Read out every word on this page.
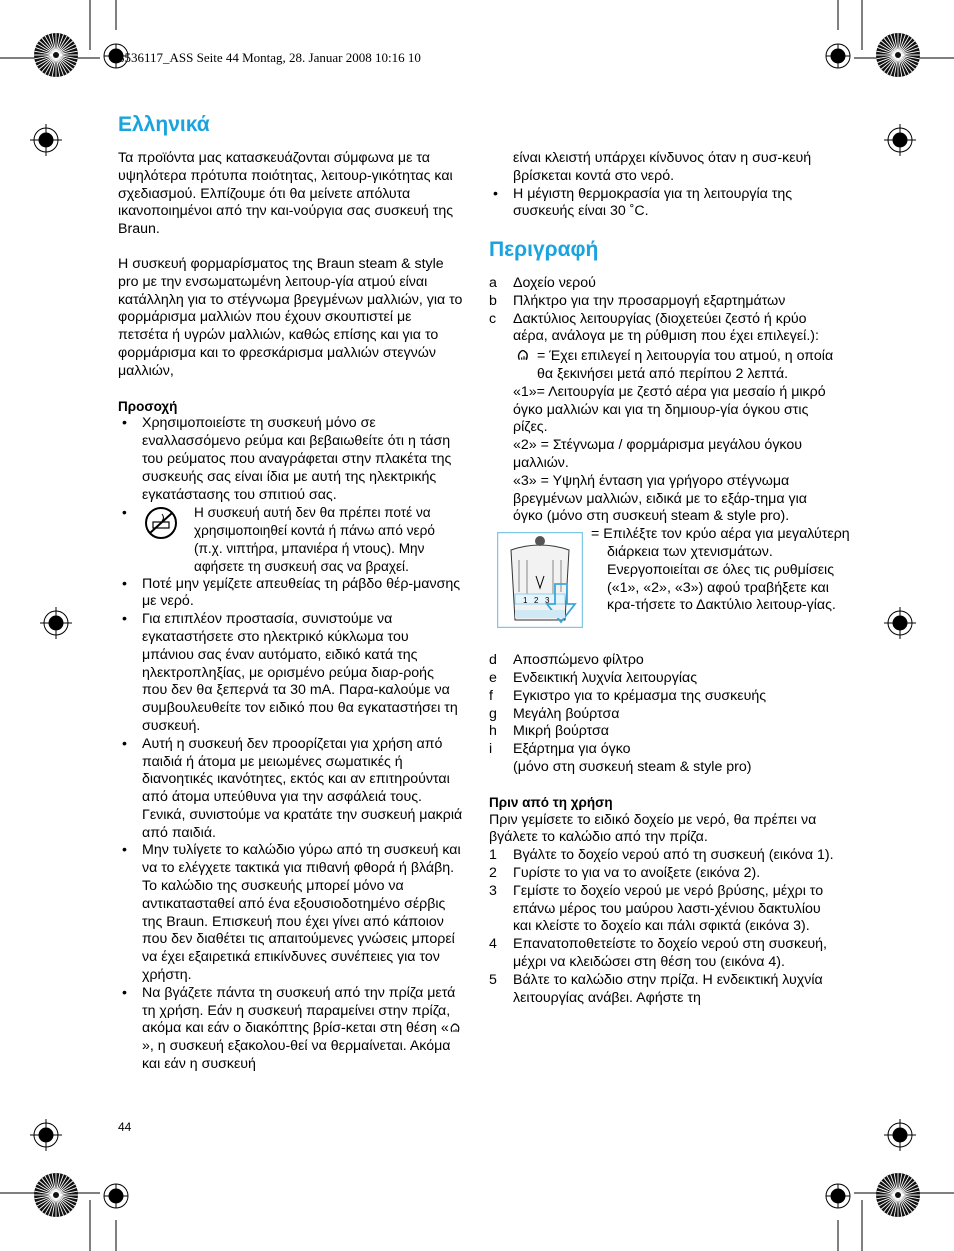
3536117_ASS Seite 44 Montag, 28. Januar 2008 10:16 10
Ελληνικά

Τα προϊόντα μας κατασκευάζονται σύμφωνα με τα υψηλότερα πρότυπα ποιότητας, λειτουρ-γικότητας και σχεδιασμού. Ελπίζουμε ότι θα μείνετε απόλυτα ικανοποιημένοι από την και-νούργια σας συσκευή της Braun.

Η συσκευή φορμαρίσματος της Braun steam & style pro με την ενσωματωμένη λειτουρ-γία ατμού είναι κατάλληλη για το στέγνωμα βρεγμένων μαλλιών, για το φορμάρισμα μαλλιών που έχουν σκουπιστεί με πετσέτα ή υγρών μαλλιών, καθώς επίσης και για το φορμάρισμα και το φρεσκάρισμα μαλλιών στεγνών μαλλιών,

Προσοχή
• Χρησιμοποιείστε τη συσκευή μόνο σε εναλλασσόμενο ρεύμα και βεβαιωθείτε ότι η τάση του ρεύματος που αναγράφεται στην πλακέτα της συσκευής σας είναι ίδια με αυτή της ηλεκτρικής εγκατάστασης του σπιτιού σας.
• Η συσκευή αυτή δεν θα πρέπει ποτέ να χρησιμοποιηθεί κοντά ή πάνω από νερό (π.χ. νιπτήρα, μπανιέρα ή ντους). Μην αφήσετε τη συσκευή σας να βραχεί.
• Ποτέ μην γεμίζετε απευθείας τη ράβδο θέρ-μανσης με νερό.
• Για επιπλέον προστασία, συνιστούμε να εγκαταστήσετε στο ηλεκτρικό κύκλωμα του μπάνιου σας έναν αυτόματο, ειδικό κατά της ηλεκτροπληξίας, με ορισμένο ρεύμα διαρ-ροής που δεν θα ξεπερνά τα 30 mA. Παρα-καλούμε να συμβουλευθείτε τον ειδικό που θα εγκαταστήσει τη συσκευή.
• Αυτή η συσκευή δεν προορίζεται για χρήση από παιδιά ή άτομα με μειωμένες σωματικές ή διανοητικές ικανότητες, εκτός και αν επιτηρούνται από άτομα υπεύθυνα για την ασφάλειά τους. Γενικά, συνιστούμε να κρατάτε την συσκευή μακριά από παιδιά.
• Μην τυλίγετε το καλώδιο γύρω από τη συσκευή και να το ελέγχετε τακτικά για πιθανή φθορά ή βλάβη. Το καλώδιο της συσκευής μπορεί μόνο να αντικατασταθεί από ένα εξουσιοδοτημένο σέρβις της Braun. Επισκευή που έχει γίνει από κάποιον που δεν διαθέτει τις απαιτούμενες γνώσεις μπορεί να έχει εξαιρετικά επικίνδυνες συνέπειες για τον χρήστη.
• Να βγάζετε πάντα τη συσκευή από την πρίζα μετά τη χρήση. Εάν η συσκευή παραμείνει στην πρίζα, ακόμα και εάν ο διακόπτης βρίσ-κεται στη θέση «», η συσκευή εξακολου-θεί να θερμαίνεται. Ακόμα και εάν η συσκευή
44
είναι κλειστή υπάρχει κίνδυνος όταν η συσ-κευή βρίσκεται κοντά στο νερό.
• Η μέγιστη θερμοκρασία για τη λειτουργία της συσκευής είναι 30 ˚C.
Περιγραφή
a Δοχείο νερού
b Πλήκτρο για την προσαρμογή εξαρτημάτων
c Δακτύλιος λειτουργίας (διοχετεύει ζεστό ή κρύο αέρα, ανάλογα με τη ρύθμιση που έχει επιλεγεί.):
= Έχει επιλεγεί η λειτουργία του ατμού, η οποία θα ξεκινήσει μετά από περίπου 2 λεπτά.
«1»= Λειτουργία με ζεστό αέρα για μεσαίο ή μικρό όγκο μαλλιών και για τη δημιουρ-γία όγκου στις ρίζες.
«2» = Στέγνωμα / φορμάρισμα μεγάλου όγκου μαλλιών.
«3» = Υψηλή ένταση για γρήγορο στέγνωμα βρεγμένων μαλλιών, ειδικά με το εξάρ-τημα για όγκο (μόνο στη συσκευή steam & style pro).
1 2 3
= Επιλέξτε τον κρύο αέρα για μεγαλύτερη διάρκεια των χτενισμάτων. Ενεργοποιείται σε όλες τις ρυθμίσεις («1», «2», «3») αφού τραβήξετε και κρα-τήσετε το Δακτύλιο λειτουρ-γίας.
d Αποσπώμενο φίλτρο
e Ενδεικτική λυχνία λειτουργίας
f Εγκιστρο για το κρέμασμα της συσκευής
g Μεγάλη βούρτσα
h Μικρή βούρτσα
i Εξάρτημα για όγκο
(μόνο στη συσκευή steam & style pro)
Πριν από τη χρήση
Πριν γεμίσετε το ειδικό δοχείο με νερό, θα πρέπει να βγάλετε το καλώδιο από την πρίζα.
1 Βγάλτε το δοχείο νερού από τη συσκευή (εικόνα 1).
2 Γυρίστε το για να το ανοίξετε (εικόνα 2).
3 Γεμίστε το δοχείο νερού με νερό βρύσης, μέχρι το επάνω μέρος του μαύρου λαστι-χένιου δακτυλίου και κλείστε το δοχείο και πάλι σφικτά (εικόνα 3).
4 Επανατοποθετείστε το δοχείο νερού στη συσκευή, μέχρι να κλειδώσει στη θέση του (εικόνα 4).
5 Βάλτε το καλώδιο στην πρίζα. Η ενδεικτική λυχνία λειτουργίας ανάβει. Αφήστε τη
